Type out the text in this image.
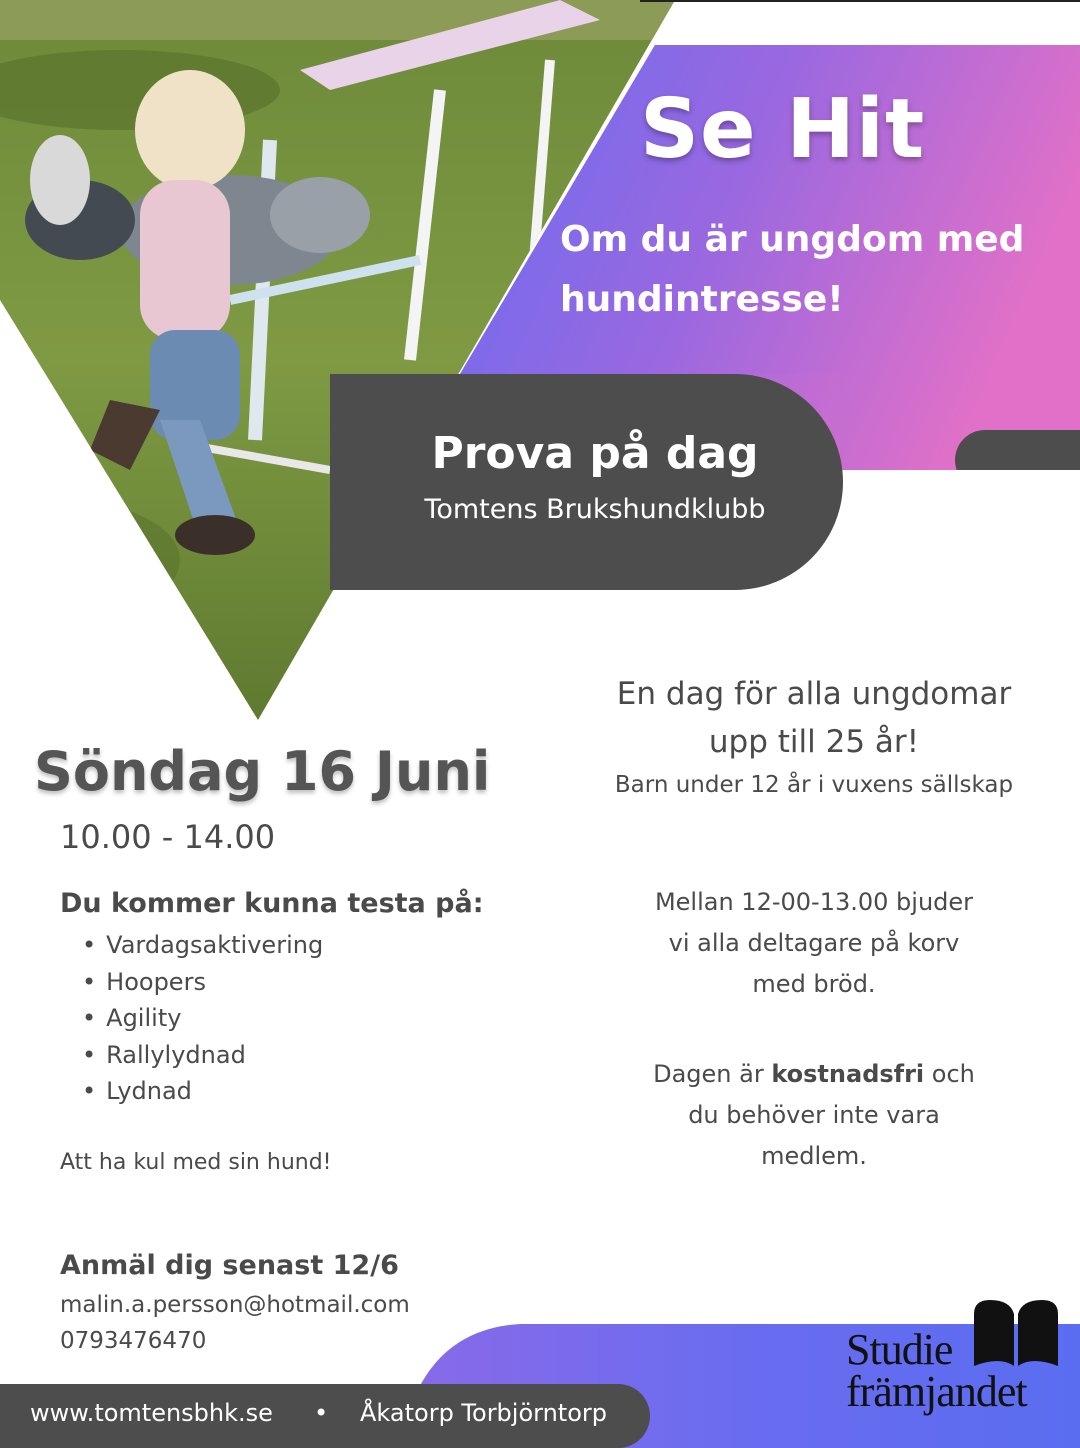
Se Hit
Om du är ungdom med
hundintresse!
Prova på dag
Tomtens Brukshundklubb
Söndag 16 Juni
10.00 - 14.00
Du kommer kunna testa på:
• Vardagsaktivering
• Hoopers
• Agility
• Rallylydnad
• Lydnad
Att ha kul med sin hund!
Anmäl dig senast 12/6
malin.a.persson@hotmail.com
0793476470
En dag för alla ungdomar
upp till 25 år!
Barn under 12 år i vuxens sällskap
Mellan 12-00-13.00 bjuder
vi alla deltagare på korv
med bröd.
Dagen är kostnadsfri och
du behöver inte vara
medlem.
www.tomtensbhk.se • Åkatorp Torbjörntorp
Studie
främjandet
